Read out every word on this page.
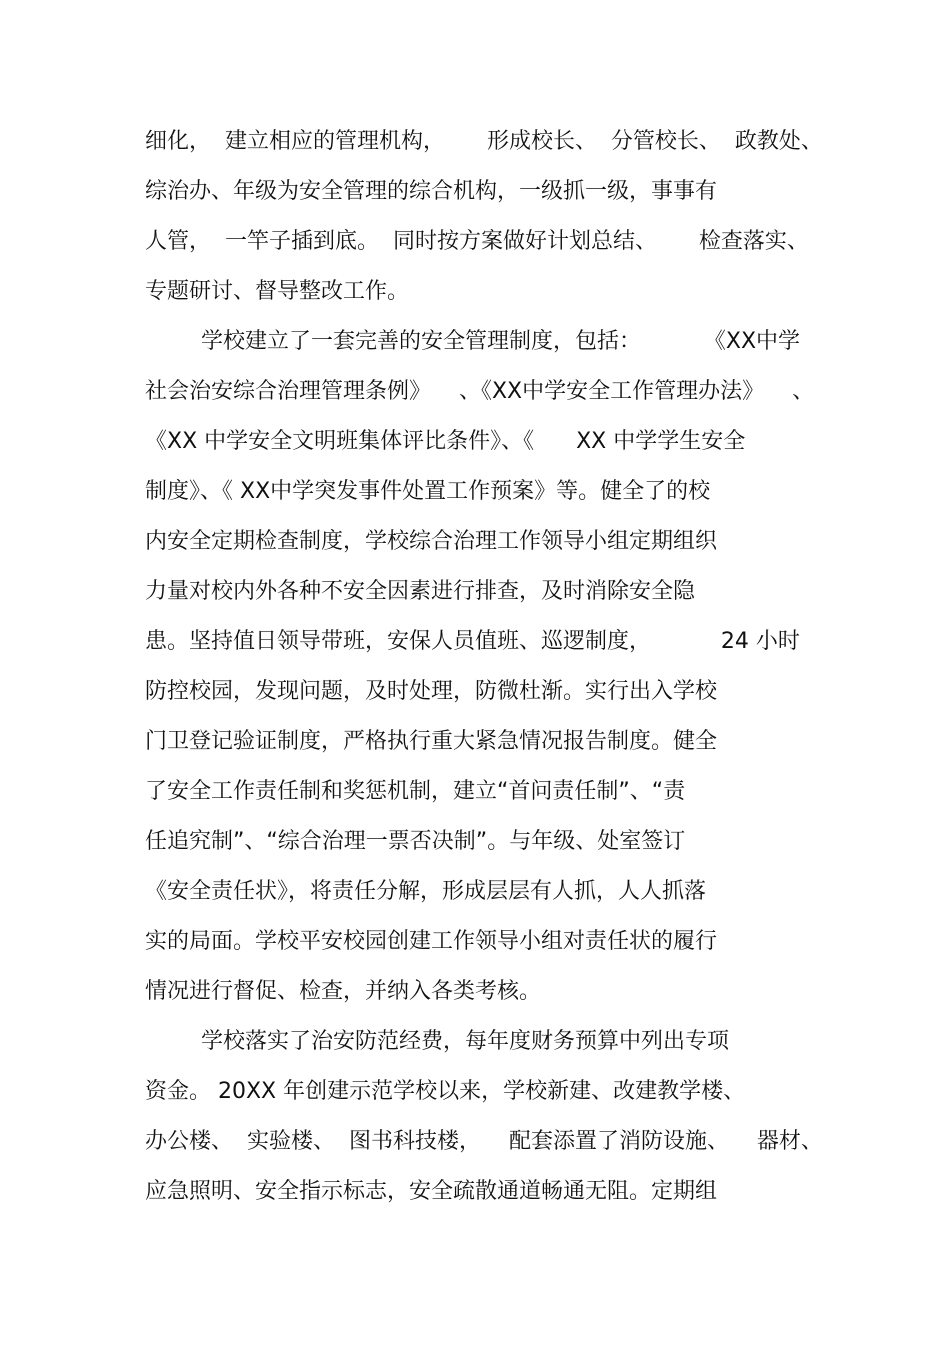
细化，  建立相应的管理机构，      形成校长、  分管校长、  政教处、
综治办、年级为安全管理的综合机构，一级抓一级，事事有
人管，  一竿子插到底。  同时按方案做好计划总结、      检查落实、
专题研讨、督导整改工作。
学校建立了一套完善的安全管理制度，包括：         《XX中学
社会治安综合治理管理条例》    、《XX中学安全工作管理办法》    、
《XX 中学安全文明班集体评比条件》、《      XX 中学学生安全
制度》、《 XX中学突发事件处置工作预案》等。健全了的校
内安全定期检查制度，学校综合治理工作领导小组定期组织
力量对校内外各种不安全因素进行排查，及时消除安全隐
患。坚持值日领导带班，安保人员值班、巡逻制度，          24 小时
防控校园，发现问题，及时处理，防微杜渐。实行出入学校
门卫登记验证制度，严格执行重大紧急情况报告制度。健全
了安全工作责任制和奖惩机制，建立“首问责任制”、“责
任追究制”、“综合治理一票否决制”。与年级、处室签订
《安全责任状》，将责任分解，形成层层有人抓，人人抓落
实的局面。学校平安校园创建工作领导小组对责任状的履行
情况进行督促、检查，并纳入各类考核。
学校落实了治安防范经费，每年度财务预算中列出专项
资金。 20XX 年创建示范学校以来，学校新建、改建教学楼、
办公楼、  实验楼、  图书科技楼，    配套添置了消防设施、    器材、
应急照明、安全指示标志，安全疏散通道畅通无阻。定期组
